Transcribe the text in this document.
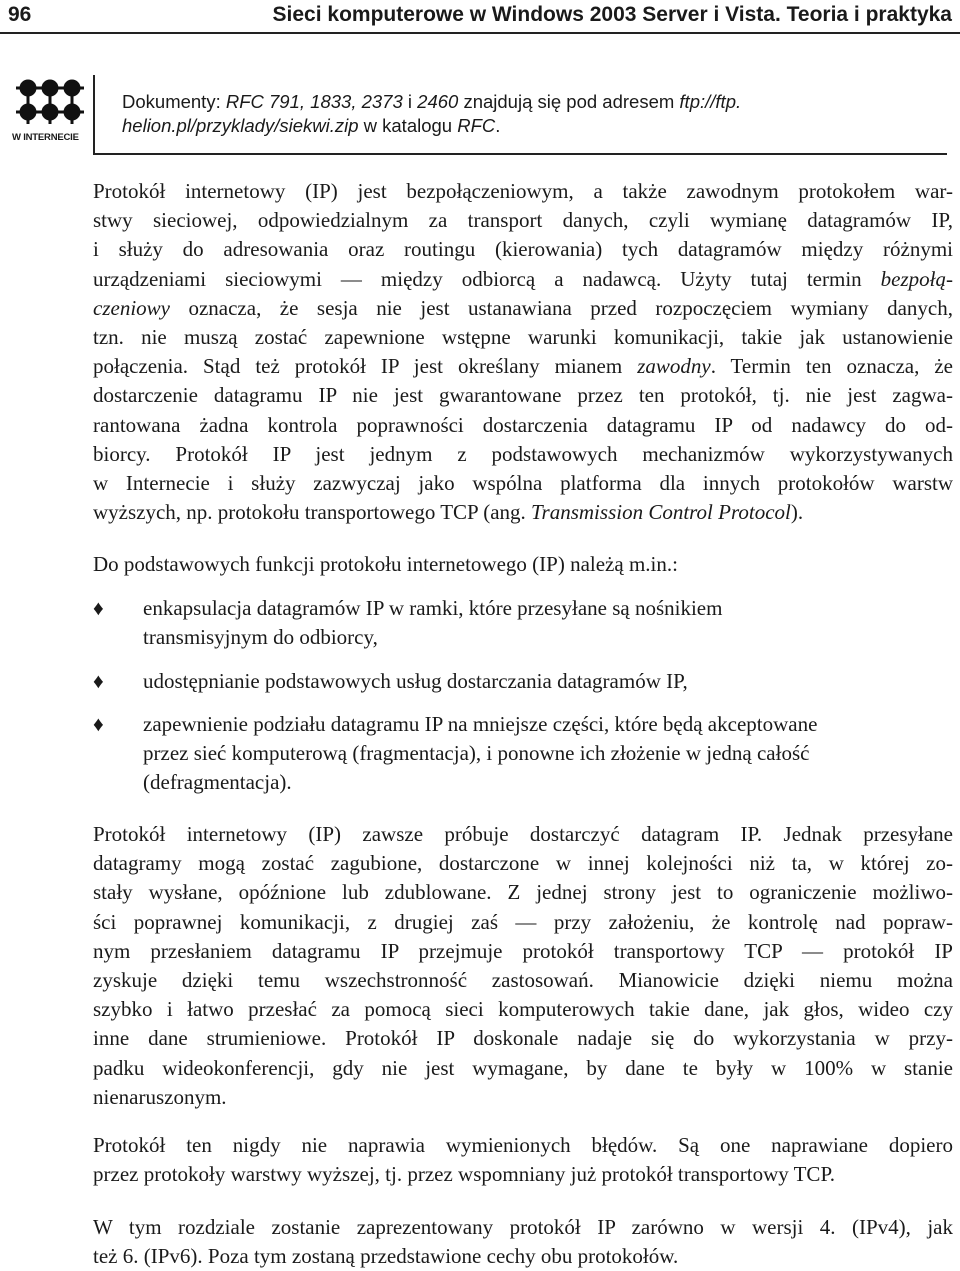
96	Sieci komputerowe w Windows 2003 Server i Vista. Teoria i praktyka
W INTERNECIE
Dokumenty: RFC 791, 1833, 2373 i 2460 znajdują się pod adresem ftp://ftp.
helion.pl/przyklady/siekwi.zip w katalogu RFC.
Protokół internetowy (IP) jest bezpołączeniowym, a także zawodnym protokołem war-
stwy sieciowej, odpowiedzialnym za transport danych, czyli wymianę datagramów IP,
i służy do adresowania oraz routingu (kierowania) tych datagramów między różnymi
urządzeniami sieciowymi — między odbiorcą a nadawcą. Użyty tutaj termin bezpołą-
czeniowy oznacza, że sesja nie jest ustanawiana przed rozpoczęciem wymiany danych,
tzn. nie muszą zostać zapewnione wstępne warunki komunikacji, takie jak ustanowienie
połączenia. Stąd też protokół IP jest określany mianem zawodny. Termin ten oznacza, że
dostarczenie datagramu IP nie jest gwarantowane przez ten protokół, tj. nie jest zagwa-
rantowana żadna kontrola poprawności dostarczenia datagramu IP od nadawcy do od-
biorcy. Protokół IP jest jednym z podstawowych mechanizmów wykorzystywanych
w Internecie i służy zazwyczaj jako wspólna platforma dla innych protokołów warstw
wyższych, np. protokołu transportowego TCP (ang. Transmission Control Protocol).
Do podstawowych funkcji protokołu internetowego (IP) należą m.in.:
♦	enkapsulacja datagramów IP w ramki, które przesyłane są nośnikiem
transmisyjnym do odbiorcy,
♦	udostępnianie podstawowych usług dostarczania datagramów IP,
♦	zapewnienie podziału datagramu IP na mniejsze części, które będą akceptowane
przez sieć komputerową (fragmentacja), i ponowne ich złożenie w jedną całość
(defragmentacja).
Protokół internetowy (IP) zawsze próbuje dostarczyć datagram IP. Jednak przesyłane
datagramy mogą zostać zagubione, dostarczone w innej kolejności niż ta, w której zo-
stały wysłane, opóźnione lub zdublowane. Z jednej strony jest to ograniczenie możliwo-
ści poprawnej komunikacji, z drugiej zaś — przy założeniu, że kontrolę nad popraw-
nym przesłaniem datagramu IP przejmuje protokół transportowy TCP — protokół IP
zyskuje dzięki temu wszechstronność zastosowań. Mianowicie dzięki niemu można
szybko i łatwo przesłać za pomocą sieci komputerowych takie dane, jak głos, wideo czy
inne dane strumieniowe. Protokół IP doskonale nadaje się do wykorzystania w przy-
padku wideokonferencji, gdy nie jest wymagane, by dane te były w 100% w stanie
nienaruszonym.
Protokół ten nigdy nie naprawia wymienionych błędów. Są one naprawiane dopiero
przez protokoły warstwy wyższej, tj. przez wspomniany już protokół transportowy TCP.
W tym rozdziale zostanie zaprezentowany protokół IP zarówno w wersji 4. (IPv4), jak
też 6. (IPv6). Poza tym zostaną przedstawione cechy obu protokołów.
